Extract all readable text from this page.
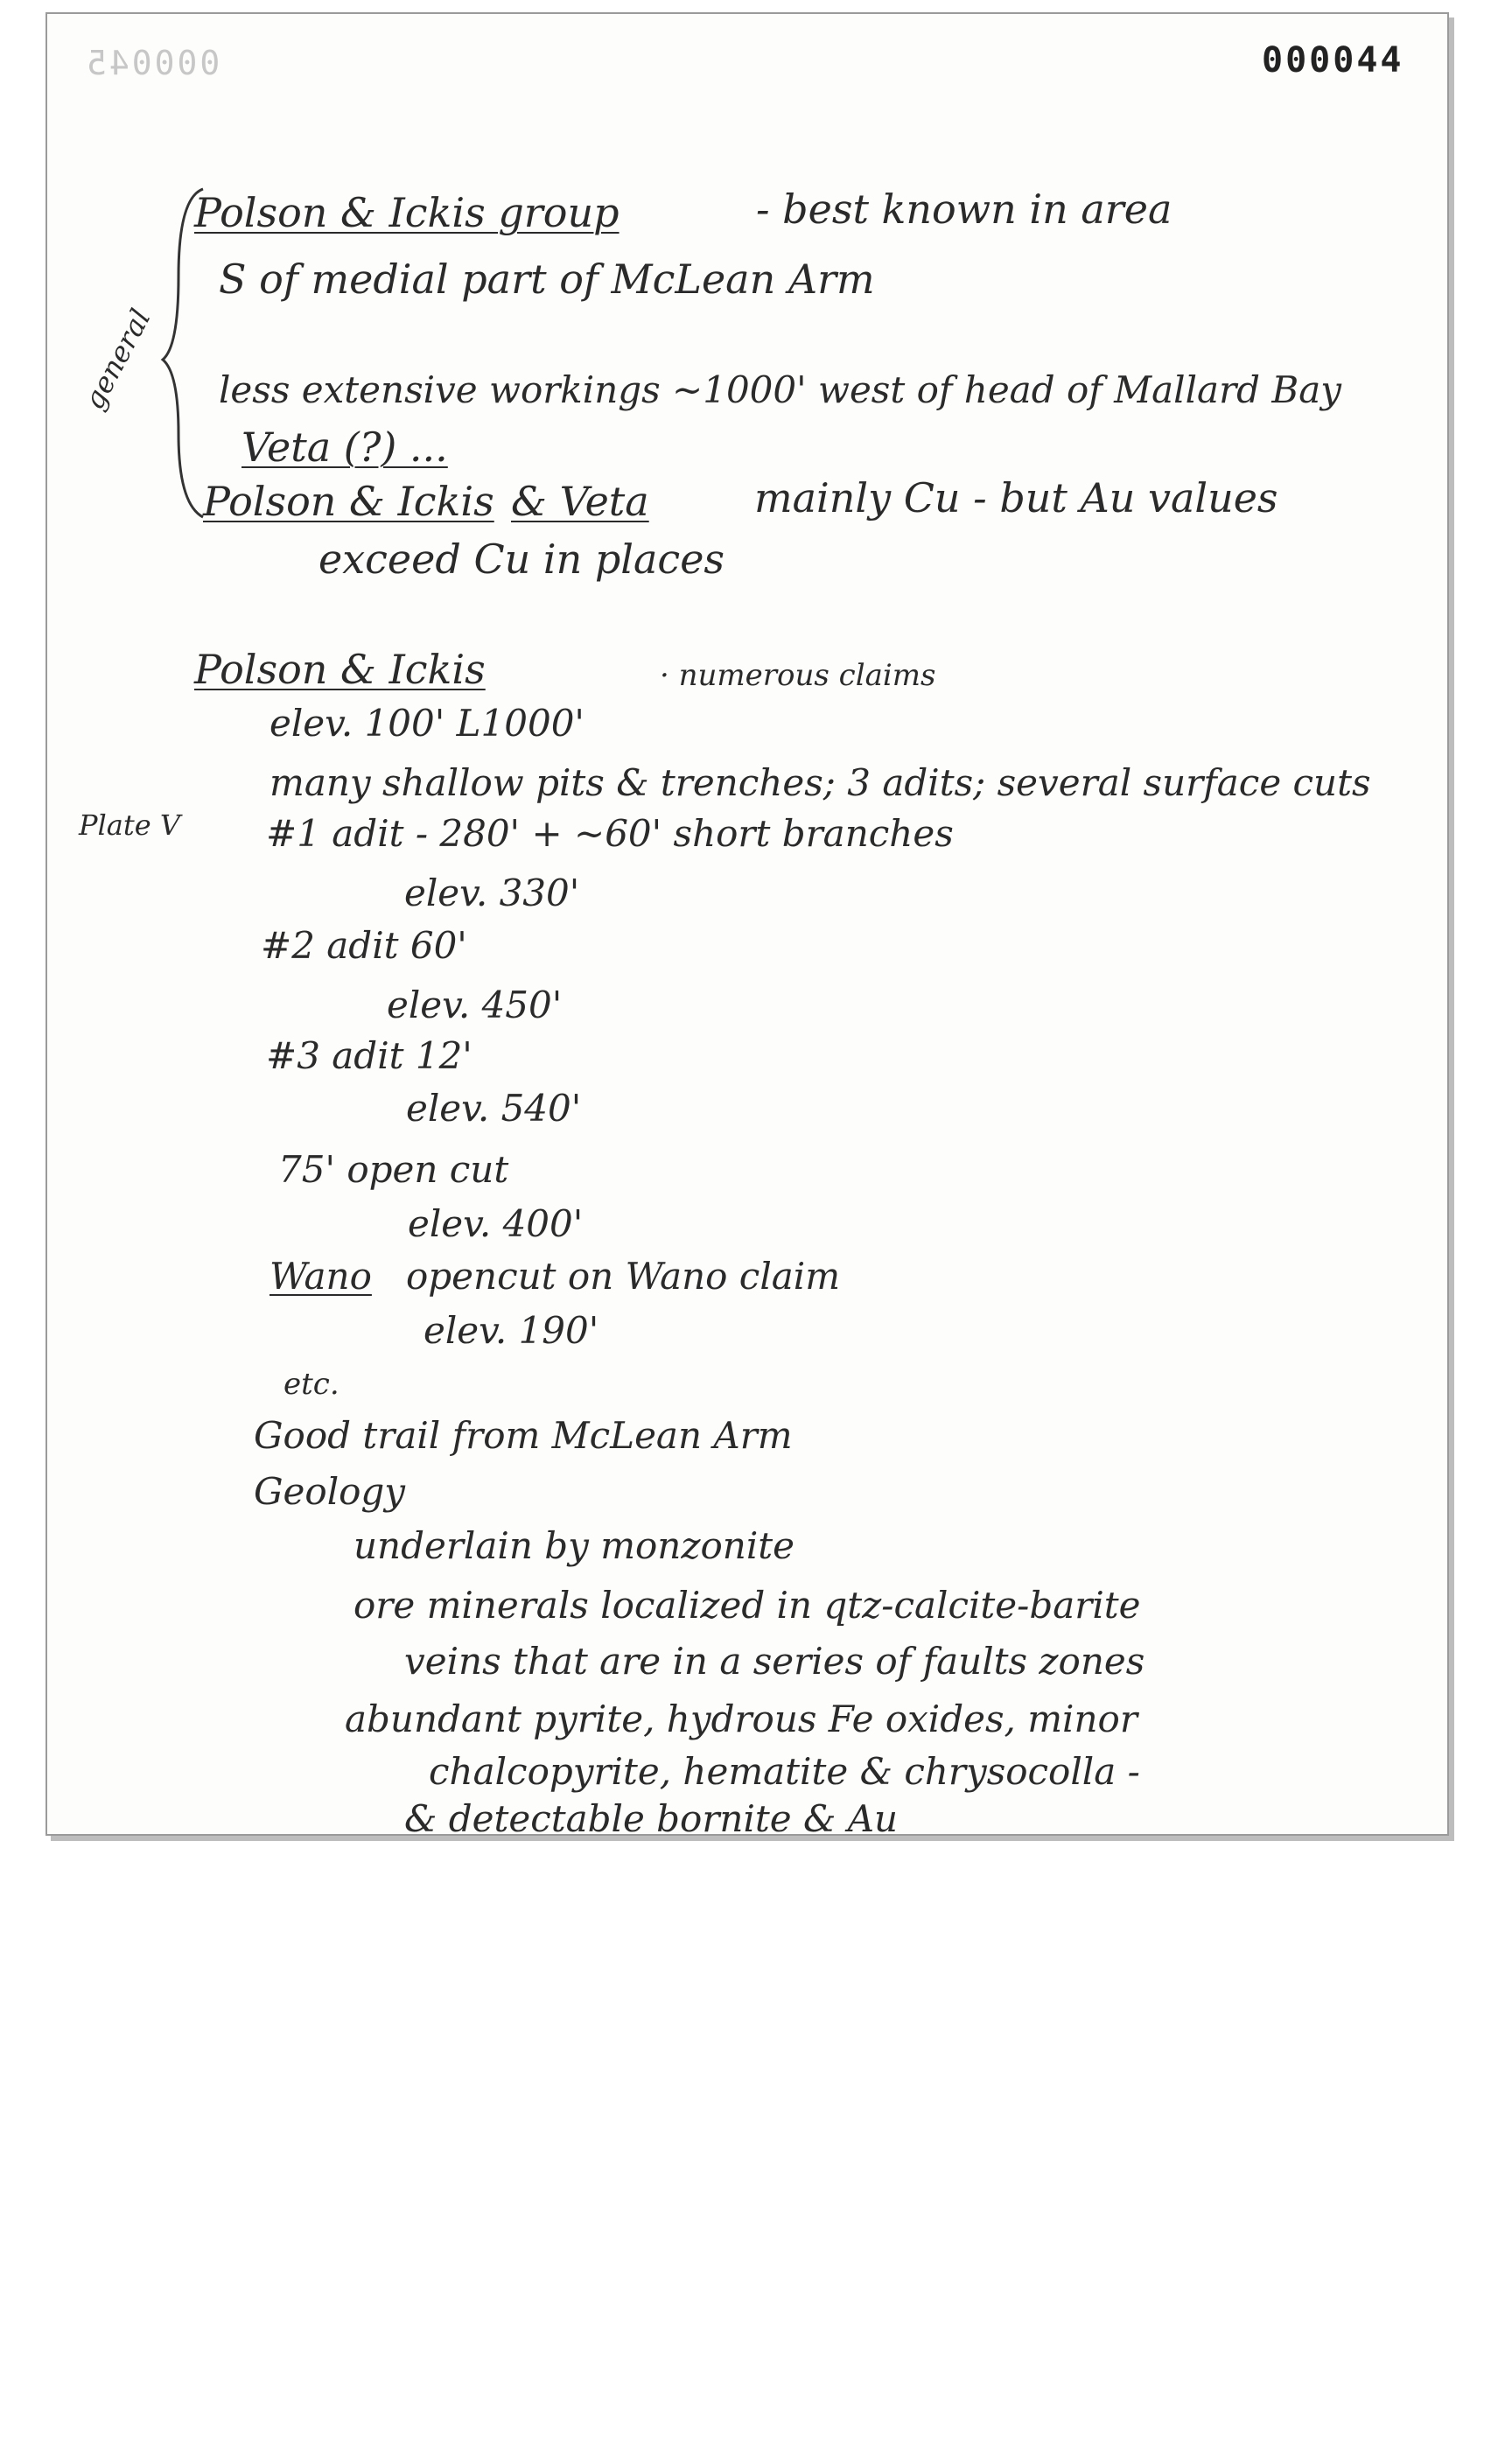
000045	000044
general
Polson & Ickis group	- best known in area
S of medial part of McLean Arm
less extensive workings ~1000' west of head of Mallard Bay
Veta (?) ...
Polson & Ickis & Veta	mainly Cu - but Au values
exceed Cu in places
Polson & Ickis	· numerous claims
elev. 100' L1000'
many shallow pits & trenches; 3 adits; several surface cuts
Plate V #1 adit - 280' + ~60' short branches
elev. 330'
#2 adit 60'
elev. 450'
#3 adit 12'
elev. 540'
75' open cut
elev. 400'
Wano opencut on Wano claim
elev. 190'
etc.
Good trail from McLean Arm
Geology
underlain by monzonite
ore minerals localized in qtz-calcite-barite
veins that are in a series of faults zones
abundant pyrite, hydrous Fe oxides, minor
chalcopyrite, hematite & chrysocolla -
& detectable bornite & Au
